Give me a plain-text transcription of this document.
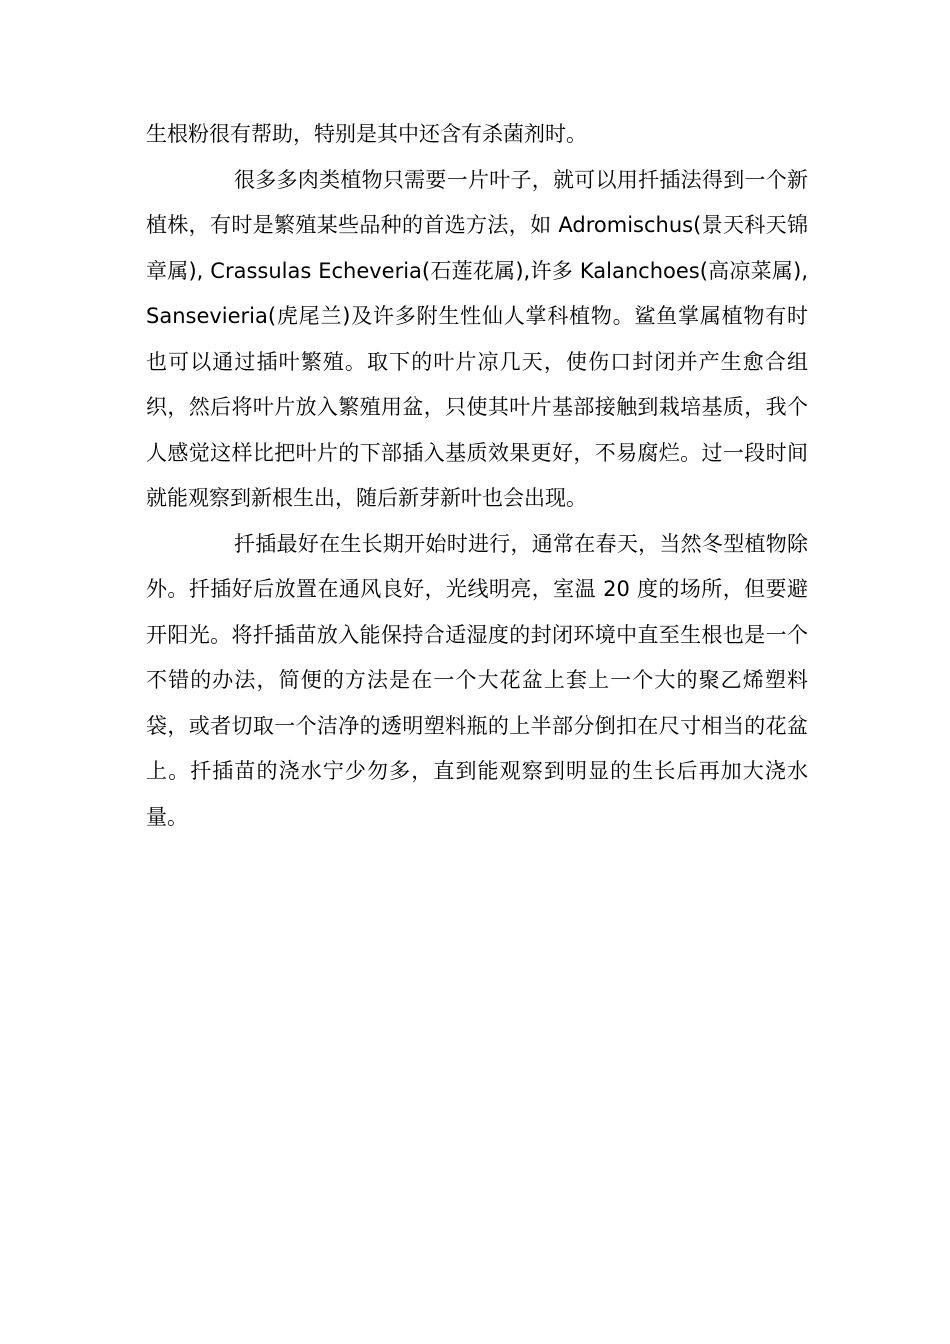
生根粉很有帮助，特别是其中还含有杀菌剂时。

很多多肉类植物只需要一片叶子，就可以用扦插法得到一个新植株，有时是繁殖某些品种的首选方法，如 Adromischus(景天科天锦章属), Crassulas Echeveria(石莲花属),许多 Kalanchoes(高凉菜属), Sansevieria(虎尾兰)及许多附生性仙人掌科植物。鲨鱼掌属植物有时也可以通过插叶繁殖。取下的叶片凉几天，使伤口封闭并产生愈合组织，然后将叶片放入繁殖用盆，只使其叶片基部接触到栽培基质，我个人感觉这样比把叶片的下部插入基质效果更好，不易腐烂。过一段时间就能观察到新根生出，随后新芽新叶也会出现。

扦插最好在生长期开始时进行，通常在春天，当然冬型植物除外。扦插好后放置在通风良好，光线明亮，室温 20 度的场所，但要避开阳光。将扦插苗放入能保持合适湿度的封闭环境中直至生根也是一个不错的办法，简便的方法是在一个大花盆上套上一个大的聚乙烯塑料袋，或者切取一个洁净的透明塑料瓶的上半部分倒扣在尺寸相当的花盆上。扦插苗的浇水宁少勿多，直到能观察到明显的生长后再加大浇水量。
